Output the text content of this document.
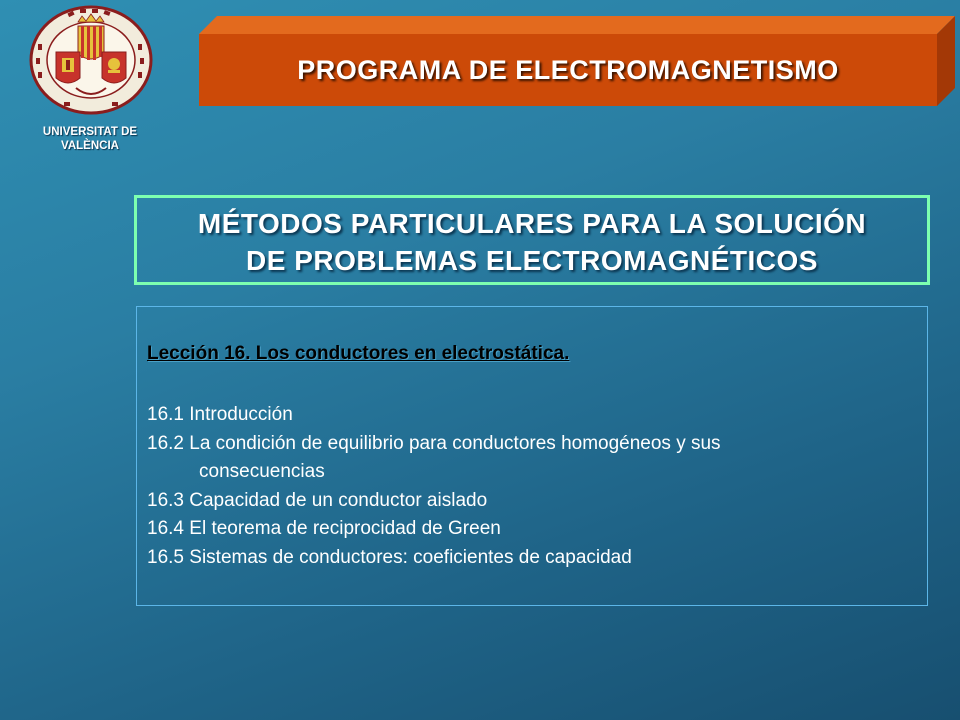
UNIVERSITAT DE
VALÈNCIA
PROGRAMA DE ELECTROMAGNETISMO
MÉTODOS PARTICULARES PARA LA SOLUCIÓN
DE PROBLEMAS ELECTROMAGNÉTICOS
Lección 16. Los conductores en electrostática.
16.1 Introducción
16.2 La condición de equilibrio para conductores homogéneos y sus
consecuencias
16.3 Capacidad de un conductor aislado
16.4 El teorema de reciprocidad de Green
16.5 Sistemas de conductores: coeficientes de capacidad
